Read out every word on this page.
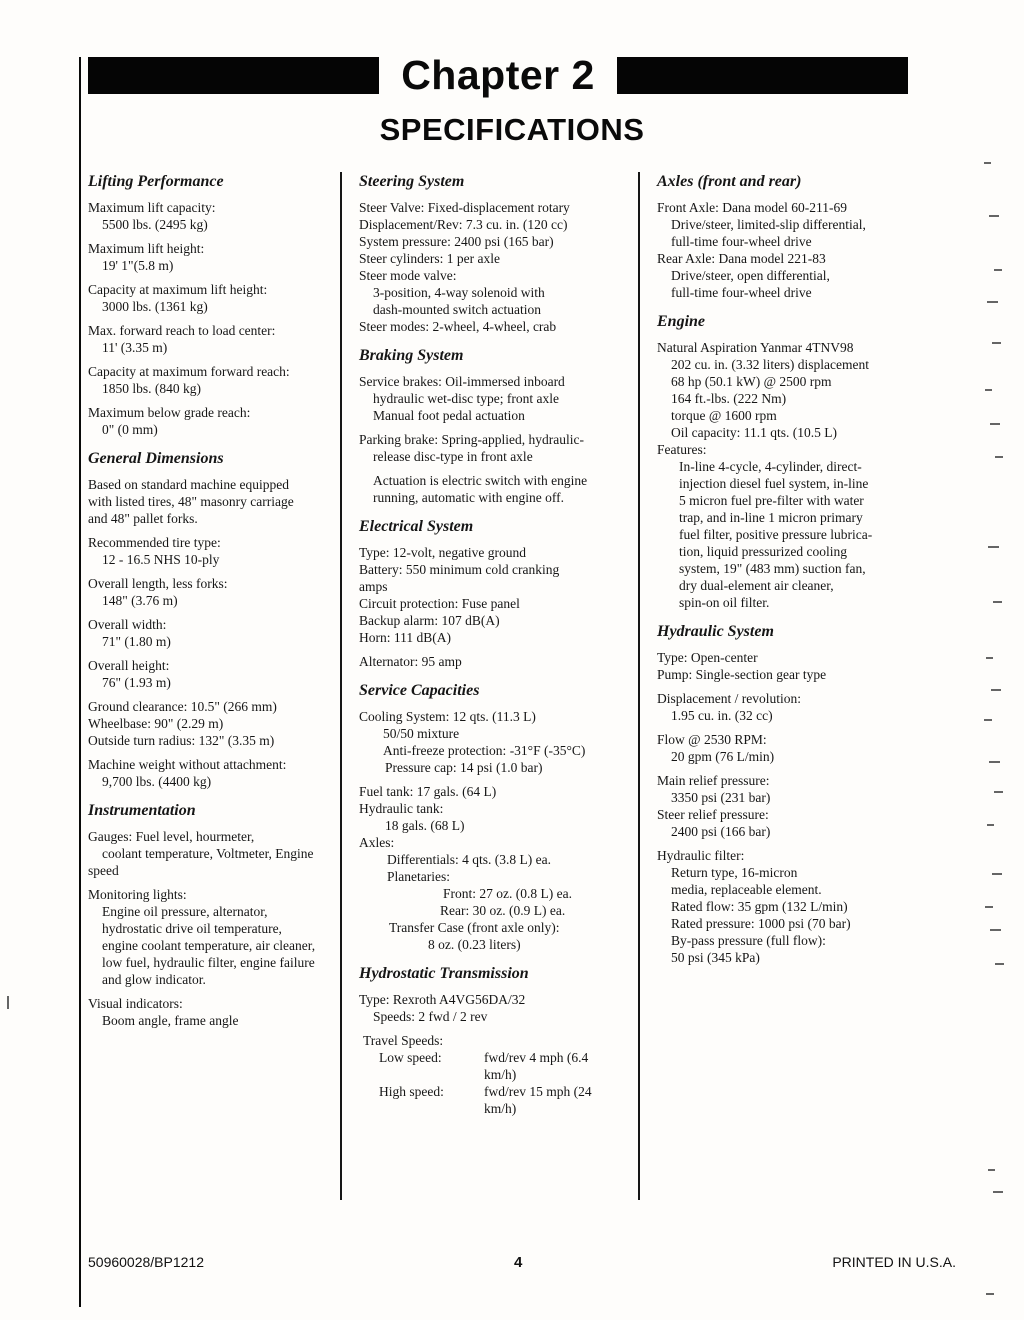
Chapter 2
SPECIFICATIONS
Lifting Performance
Maximum lift capacity:
5500 lbs. (2495 kg)
Maximum lift height:
19' 1"(5.8 m)
Capacity at maximum lift height:
3000 lbs. (1361 kg)
Max. forward reach to load center:
11' (3.35 m)
Capacity at maximum forward reach:
1850 lbs. (840 kg)
Maximum below grade reach:
0" (0 mm)
General Dimensions
Based on standard machine equipped
with listed tires, 48" masonry carriage
and 48" pallet forks.
Recommended tire type:
12 - 16.5 NHS 10-ply
Overall length, less forks:
148" (3.76 m)
Overall width:
71" (1.80 m)
Overall height:
76" (1.93 m)
Ground clearance: 10.5" (266 mm)
Wheelbase: 90" (2.29 m)
Outside turn radius: 132" (3.35 m)
Machine weight without attachment:
9,700 lbs. (4400 kg)
Instrumentation
Gauges: Fuel level, hourmeter,
coolant temperature, Voltmeter, Engine
speed
Monitoring lights:
Engine oil pressure, alternator,
hydrostatic drive oil temperature,
engine coolant temperature, air cleaner,
low fuel, hydraulic filter, engine failure
and glow indicator.
Visual indicators:
Boom angle, frame angle
Steering System
Steer Valve: Fixed-displacement rotary
Displacement/Rev: 7.3 cu. in. (120 cc)
System pressure: 2400 psi (165 bar)
Steer cylinders: 1 per axle
Steer mode valve:
3-position, 4-way solenoid with
dash-mounted switch actuation
Steer modes: 2-wheel, 4-wheel, crab
Braking System
Service brakes: Oil-immersed inboard
hydraulic wet-disc type; front axle
Manual foot pedal actuation
Parking brake: Spring-applied, hydraulic-
release disc-type in front axle
Actuation is electric switch with engine
running, automatic with engine off.
Electrical System
Type: 12-volt, negative ground
Battery: 550 minimum cold cranking
amps
Circuit protection: Fuse panel
Backup alarm: 107 dB(A)
Horn: 111 dB(A)
Alternator: 95 amp
Service Capacities
Cooling System: 12 qts. (11.3 L)
50/50 mixture
Anti-freeze protection: -31°F (-35°C)
Pressure cap: 14 psi (1.0 bar)
Fuel tank: 17 gals. (64 L)
Hydraulic tank:
18 gals. (68 L)
Axles:
Differentials: 4 qts. (3.8 L) ea.
Planetaries:
Front: 27 oz. (0.8 L) ea.
Rear: 30 oz. (0.9 L) ea.
Transfer Case (front axle only):
8 oz. (0.23 liters)
Hydrostatic Transmission
Type: Rexroth A4VG56DA/32
Speeds: 2 fwd / 2 rev
Travel Speeds:
Low speed:	fwd/rev 4 mph (6.4
km/h)
High speed:	fwd/rev 15 mph (24
km/h)
Axles (front and rear)
Front Axle: Dana model 60-211-69
Drive/steer, limited-slip differential,
full-time four-wheel drive
Rear Axle: Dana model 221-83
Drive/steer, open differential,
full-time four-wheel drive
Engine
Natural Aspiration Yanmar 4TNV98
202 cu. in. (3.32 liters) displacement
68 hp (50.1 kW) @ 2500 rpm
164 ft.-lbs. (222 Nm)
torque @ 1600 rpm
Oil capacity: 11.1 qts. (10.5 L)
Features:
In-line 4-cycle, 4-cylinder, direct-
injection diesel fuel system, in-line
5 micron fuel pre-filter with water
trap, and in-line 1 micron primary
fuel filter, positive pressure lubrica-
tion, liquid pressurized cooling
system, 19" (483 mm) suction fan,
dry dual-element air cleaner,
spin-on oil filter.
Hydraulic System
Type: Open-center
Pump: Single-section gear type
Displacement / revolution:
1.95 cu. in. (32 cc)
Flow @ 2530 RPM:
20 gpm (76 L/min)
Main relief pressure:
3350 psi (231 bar)
Steer relief pressure:
2400 psi (166 bar)
Hydraulic filter:
Return type, 16-micron
media, replaceable element.
Rated flow: 35 gpm (132 L/min)
Rated pressure: 1000 psi (70 bar)
By-pass pressure (full flow):
50 psi (345 kPa)
50960028/BP1212	4	PRINTED IN U.S.A.
